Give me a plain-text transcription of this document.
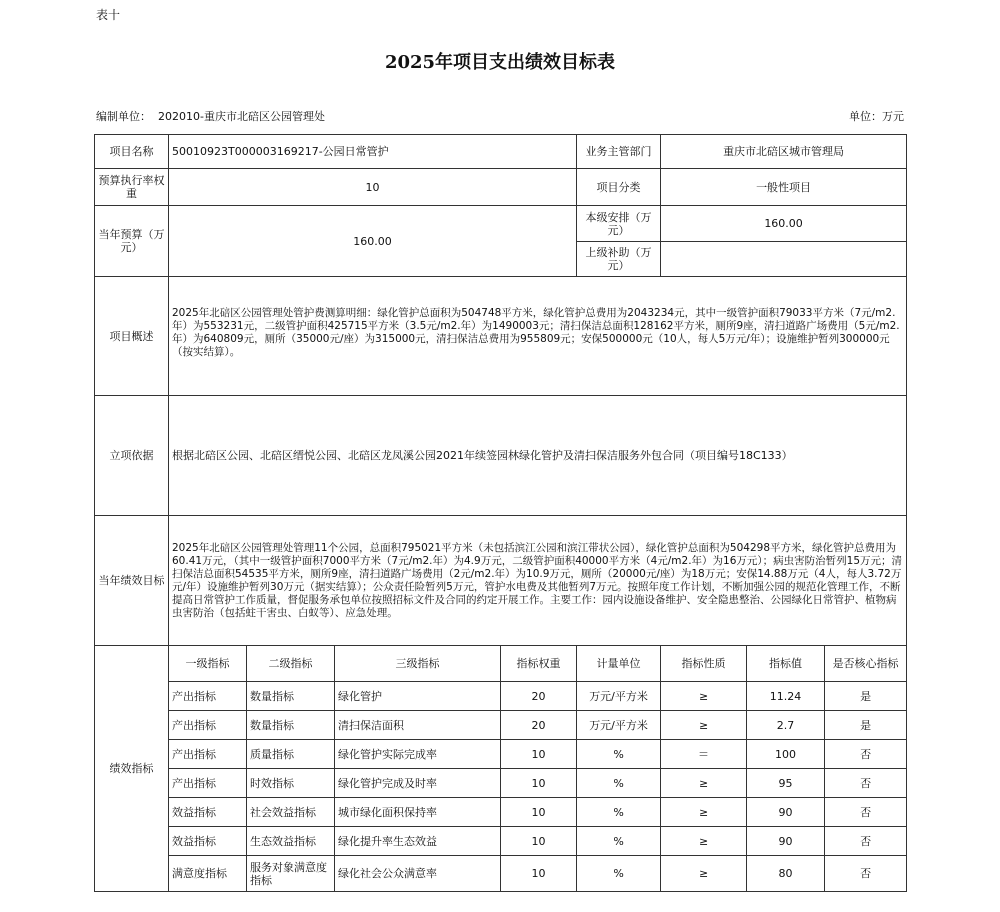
表十
2025年项目支出绩效目标表
编制单位： 202010-重庆市北碚区公园管理处	单位：万元
项目名称	50010923T000003169217-公园日常管护				业务主管部门	重庆市北碚区城市管理局		
预算执行率权重	10				项目分类	一般性项目		
当年预算（万元）	160.00				本级安排（万元）	160.00		
					上级补助（万元）			
项目概述	2025年北碚区公园管理处管护费测算明细：绿化管护总面积为504748平方米，绿化管护总费用为2043234元，其中一级管护面积79033平方米（7元/m2.年）为553231元，二级管护面积425715平方米（3.5元/m2.年）为1490003元；清扫保洁总面积128162平方米，厕所9座，清扫道路广场费用（5元/m2.年）为640809元，厕所（35000元/座）为315000元，清扫保洁总费用为955809元；安保500000元（10人，每人5万元/年）；设施维护暂列300000元（按实结算）。							
立项依据	根据北碚区公园、北碚区缙悦公园、北碚区龙凤溪公园2021年续签园林绿化管护及清扫保洁服务外包合同（项目编号18C133）							
当年绩效目标	2025年北碚区公园管理处管理11个公园，总面积795021平方米（未包括滨江公园和滨江带状公园），绿化管护总面积为504298平方米，绿化管护总费用为60.41万元，（其中一级管护面积7000平方米（7元/m2.年）为4.9万元，二级管护面积40000平方米（4元/m2.年）为16万元）；病虫害防治暂列15万元；清扫保洁总面积54535平方米，厕所9座，清扫道路广场费用（2元/m2.年）为10.9万元，厕所（20000元/座）为18万元；安保14.88万元（4人，每人3.72万元/年）设施维护暂列30万元（据实结算）；公众责任险暂列5万元，管护水电费及其他暂列7万元。按照年度工作计划，不断加强公园的规范化管理工作，不断提高日常管护工作质量，督促服务承包单位按照招标文件及合同的约定开展工作。主要工作：园内设施设备维护、安全隐患整治、公园绿化日常管护、植物病虫害防治（包括蛀干害虫、白蚁等）、应急处理。							
绩效指标	一级指标	二级指标	三级指标	指标权重	计量单位	指标性质	指标值	是否核心指标
	产出指标	数量指标	绿化管护	20	万元/平方米	≥	11.24	是
	产出指标	数量指标	清扫保洁面积	20	万元/平方米	≥	2.7	是
	产出指标	质量指标	绿化管护实际完成率	10	%	＝	100	否
	产出指标	时效指标	绿化管护完成及时率	10	%	≥	95	否
	效益指标	社会效益指标	城市绿化面积保持率	10	%	≥	90	否
	效益指标	生态效益指标	绿化提升率生态效益	10	%	≥	90	否
	满意度指标	服务对象满意度指标	绿化社会公众满意率	10	%	≥	80	否
